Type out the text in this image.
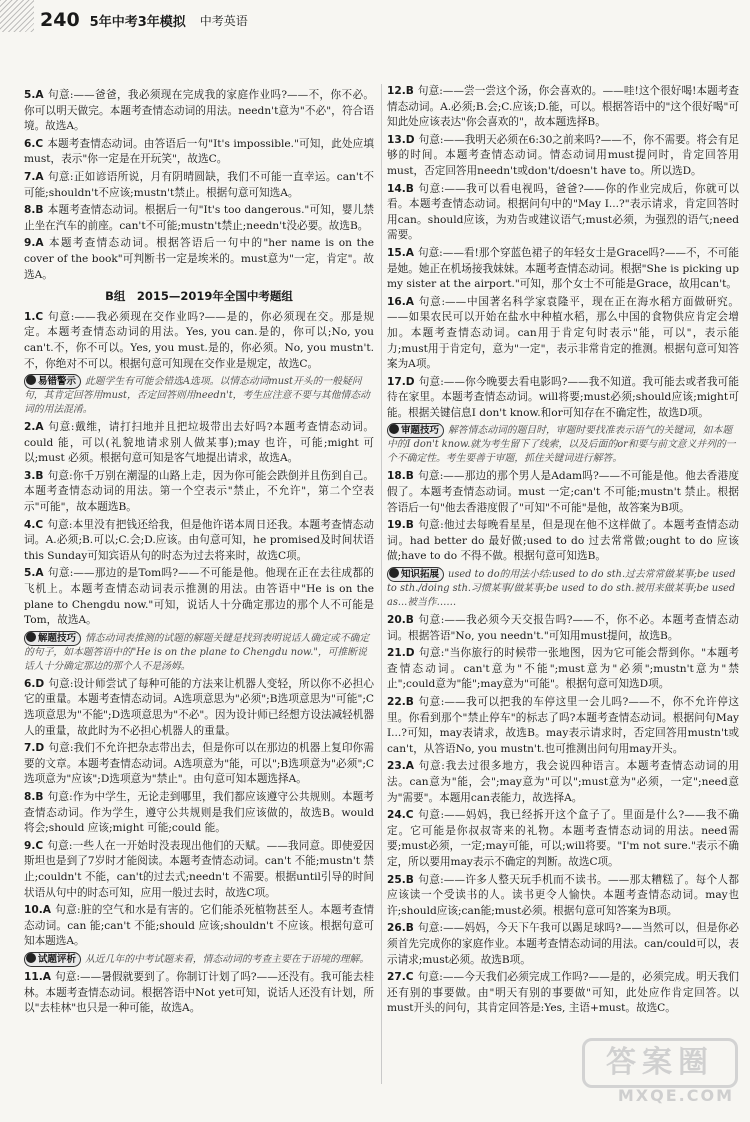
240 5年中考3年模拟 中考英语
5.A 句意:——爸爸，我必须现在完成我的家庭作业吗?——不，你不必。你可以明天做完。本题考查情态动词的用法。needn't意为"不必"，符合语境。故选A。
6.C 本题考查情态动词。由答语后一句"It's impossible."可知，此处应填must，表示"你一定是在开玩笑"，故选C。
7.A 句意:正如谚语所说，月有阴晴圆缺，我们不可能一直幸运。can't不可能;shouldn't不应该;mustn't禁止。根据句意可知选A。
8.B 本题考查情态动词。根据后一句"It's too dangerous."可知，婴儿禁止坐在汽车的前座。can't不可能;mustn't禁止;needn't没必要。故选B。
9.A 本题考查情态动词。根据答语后一句中的"her name is on the cover of the book"可判断书一定是埃米的。must意为"一定，肯定"。故选A。
B组　2015—2019年全国中考题组
1.C 句意:——我必须现在交作业吗?——是的，你必须现在交。那是规定。本题考查情态动词的用法。Yes, you can.是的，你可以;No, you can't.不，你不可以。Yes, you must.是的，你必须。No, you mustn't.不，你绝对不可以。根据句意可知现在交作业是规定，故选C。
易错警示 此题学生有可能会错选A选项。以情态动词must开头的一般疑问句，其肯定回答用must，否定回答则用needn't，考生应注意不要与其他情态动词的用法混淆。
2.A 句意:戴维，请打扫地并且把垃圾带出去好吗?本题考查情态动词。could 能，可以(礼貌地请求别人做某事);may 也许，可能;might 可以;must 必须。根据句意可知是客气地提出请求，故选A。
3.B 句意:你千万别在潮湿的山路上走，因为你可能会跌倒并且伤到自己。本题考查情态动词的用法。第一个空表示"禁止，不允许"，第二个空表示"可能"，故本题选B。
4.C 句意:本里没有把钱还给我，但是他许诺本周日还我。本题考查情态动词。A.必须;B.可以;C.会;D.应该。由句意可知，he promised及时间状语this Sunday可知宾语从句的时态为过去将来时，故选C项。
5.A 句意:——那边的是Tom吗?——不可能是他。他现在正在去往成都的飞机上。本题考查情态动词表示推测的用法。由答语中"He is on the plane to Chengdu now."可知，说话人十分确定那边的那个人不可能是Tom，故选A。
解题技巧 情态动词表推测的试题的解题关键是找到表明说话人确定或不确定的句子，如本题答语中的"He is on the plane to Chengdu now."，可推断说话人十分确定那边的那个人不是汤姆。
6.D 句意:设计师尝试了每种可能的方法来让机器人变轻，所以你不必担心它的重量。本题考查情态动词。A选项意思为"必须";B选项意思为"可能";C选项意思为"不能";D选项意思为"不必"。因为设计师已经想方设法减轻机器人的重量，故此时为不必担心机器人的重量。
7.D 句意:我们不允许把杂志带出去，但是你可以在那边的机器上复印你需要的文章。本题考查情态动词。A选项意为"能，可以";B选项意为"必须";C选项意为"应该";D选项意为"禁止"。由句意可知本题选择A。
8.B 句意:作为中学生，无论走到哪里，我们都应该遵守公共规则。本题考查情态动词。作为学生，遵守公共规则是我们应该做的，故选B。would 将会;should 应该;might 可能;could 能。
9.C 句意:一些人在一开始时没表现出他们的天赋。——我同意。即使爱因斯坦也是到了7岁时才能阅读。本题考查情态动词。can't 不能;mustn't 禁止;couldn't 不能，can't的过去式;needn't 不需要。根据until引导的时间状语从句中的时态可知，应用一般过去时，故选C项。
10.A 句意:脏的空气和水是有害的。它们能杀死植物甚至人。本题考查情态动词。can 能;can't 不能;should 应该;shouldn't 不应该。根据句意可知本题选A。
试题评析 从近几年的中考试题来看，情态动词的考查主要在于语境的理解。
11.A 句意:——暑假就要到了。你制订计划了吗?——还没有。我可能去桂林。本题考查情态动词。根据答语中Not yet可知，说话人还没有计划，所以"去桂林"也只是一种可能，故选A。
12.B 句意:——尝一尝这个汤，你会喜欢的。——哇!这个很好喝!本题考查情态动词。A.必须;B.会;C.应该;D.能，可以。根据答语中的"这个很好喝"可知此处应该表达"你会喜欢的"，故本题选择B。
13.D 句意:——我明天必须在6:30之前来吗?——不，你不需要。将会有足够的时间。本题考查情态动词。情态动词用must提问时，肯定回答用must，否定回答用needn't或don't/doesn't have to。所以选D。
14.B 句意:——我可以看电视吗，爸爸?——你的作业完成后，你就可以看。本题考查情态动词。根据问句中的"May I...?"表示请求，肯定回答时用can。should应该，为劝告或建议语气;must必须，为强烈的语气;need需要。
15.A 句意:——看!那个穿蓝色裙子的年轻女士是Grace吗?——不，不可能是她。她正在机场接我妹妹。本题考查情态动词。根据"She is picking up my sister at the airport."可知，那个女士不可能是Grace，故用can't。
16.A 句意:——中国著名科学家袁隆平，现在正在海水稻方面做研究。——如果农民可以开始在盐水中种植水稻，那么中国的食物供应肯定会增加。本题考查情态动词。can用于肯定句时表示"能，可以"，表示能力;must用于肯定句，意为"一定"，表示非常肯定的推测。根据句意可知答案为A项。
17.D 句意:——你今晚要去看电影吗?——我不知道。我可能去或者我可能待在家里。本题考查情态动词。will将要;must必须;should应该;might可能。根据关键信息I don't know.和or可知存在不确定性，故选D项。
审题技巧 解答情态动词的题目时，审题时要找准表示语气的关键词，如本题中的I don't know.就为考生留下了线索，以及后面的or和要与前文意义并列的一个不确定性。考生要善于审题，抓住关键词进行解答。
18.B 句意:——那边的那个男人是Adam吗?——不可能是他。他去香港度假了。本题考查情态动词。must 一定;can't 不可能;mustn't 禁止。根据答语后一句"他去香港度假了"可知"不可能"是他，故答案为B项。
19.B 句意:他过去每晚看星星，但是现在他不这样做了。本题考查情态动词。had better do 最好做;used to do 过去常常做;ought to do 应该做;have to do 不得不做。根据句意可知选B。
知识拓展 used to do的用法小结:used to do sth.过去常常做某事;be used to sth./doing sth.习惯某事/做某事;be used to do sth.被用来做某事;be used as...被当作……
20.B 句意:——我必须今天交报告吗?——不，你不必。本题考查情态动词。根据答语"No, you needn't."可知用must提问，故选B。
21.D 句意:"当你旅行的时候带一张地图，因为它可能会帮到你。"本题考查情态动词。can't意为"不能";must意为"必须";mustn't意为"禁止";could意为"能";may意为"可能"。根据句意可知选D项。
22.B 句意:——我可以把我的车停这里一会儿吗?——不，你不允许停这里。你看到那个"禁止停车"的标志了吗?本题考查情态动词。根据问句May I...?可知，may表请求，故选B。may表示请求时，否定回答用mustn't或can't，从答语No, you mustn't.也可推测出问句用may开头。
23.A 句意:我去过很多地方，我会说四种语言。本题考查情态动词的用法。can意为"能，会";may意为"可以";must意为"必须，一定";need意为"需要"。本题用can表能力，故选择A。
24.C 句意:——妈妈，我已经拆开这个盒子了。里面是什么?——我不确定。它可能是你叔叔寄来的礼物。本题考查情态动词的用法。need需要;must必须，一定;may可能，可以;will将要。"I'm not sure."表示不确定，所以要用may表示不确定的判断。故选C项。
25.B 句意:——许多人整天玩手机而不读书。——那太糟糕了。每个人都应该读一个受读书的人。读书更令人愉快。本题考查情态动词。may也许;should应该;can能;must必须。根据句意可知答案为B项。
26.B 句意:——妈妈，今天下午我可以踢足球吗?——当然可以，但是你必须首先完成你的家庭作业。本题考查情态动词的用法。can/could可以，表示请求;must必须。故选B项。
27.C 句意:——今天我们必须完成工作吗?——是的，必须完成。明天我们还有别的事要做。由"明天有别的事要做"可知，此处应作肯定回答。以must开头的问句，其肯定回答是:Yes, 主语+must。故选C。
答案圈
MXQE.COM
